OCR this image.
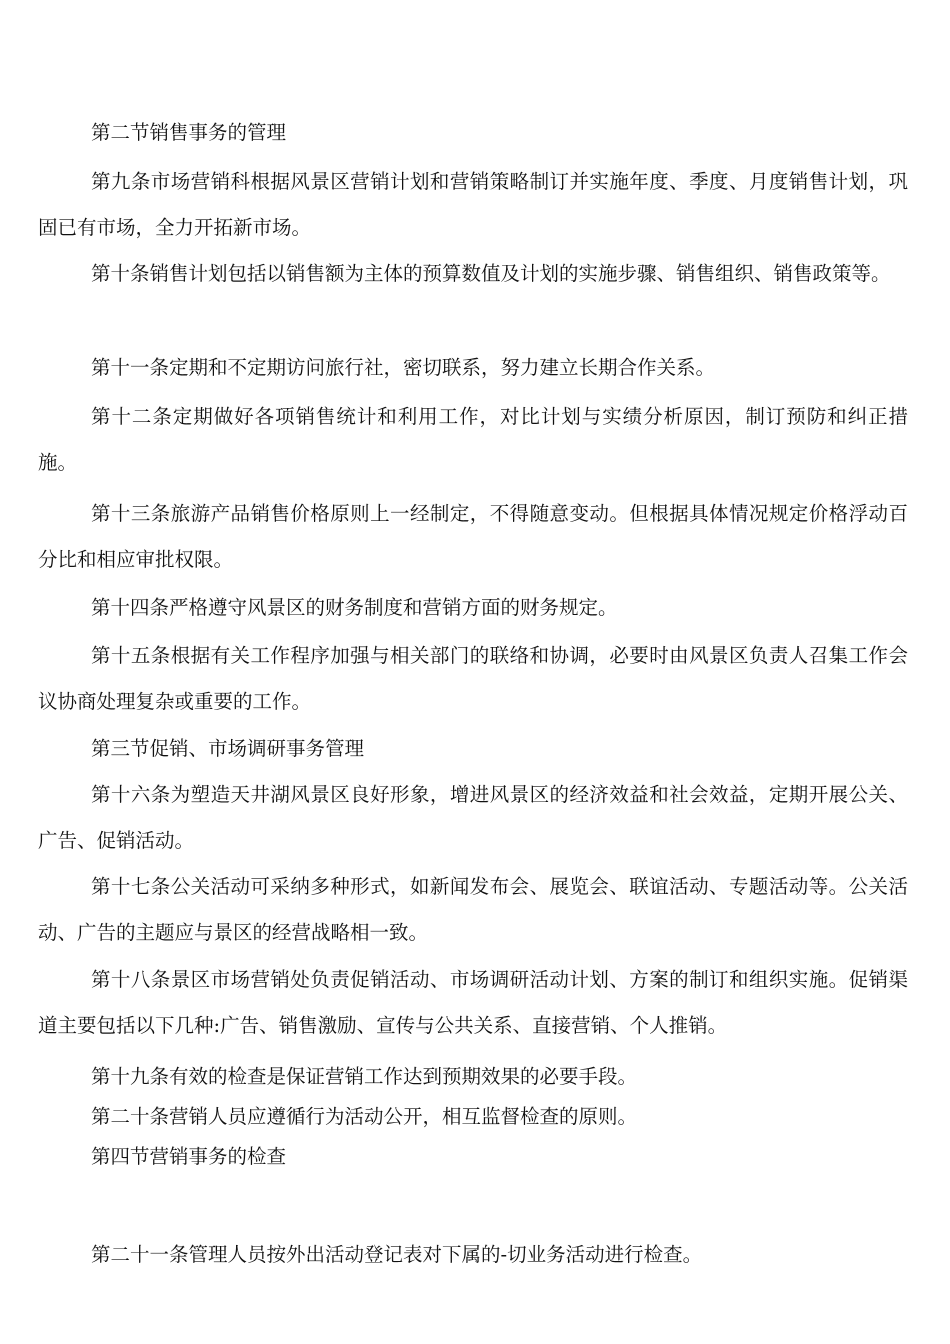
第二节销售事务的管理

第九条市场营销科根据风景区营销计划和营销策略制订并实施年度、季度、月度销售计划，巩固已有市场，全力开拓新市场。

第十条销售计划包括以销售额为主体的预算数值及计划的实施步骤、销售组织、销售政策等。

第十一条定期和不定期访问旅行社，密切联系，努力建立长期合作关系。

第十二条定期做好各项销售统计和利用工作，对比计划与实绩分析原因，制订预防和纠正措施。

第十三条旅游产品销售价格原则上一经制定，不得随意变动。但根据具体情况规定价格浮动百分比和相应审批权限。

第十四条严格遵守风景区的财务制度和营销方面的财务规定。

第十五条根据有关工作程序加强与相关部门的联络和协调，必要时由风景区负责人召集工作会议协商处理复杂或重要的工作。

第三节促销、市场调研事务管理

第十六条为塑造天井湖风景区良好形象，增进风景区的经济效益和社会效益，定期开展公关、广告、促销活动。

第十七条公关活动可采纳多种形式，如新闻发布会、展览会、联谊活动、专题活动等。公关活动、广告的主题应与景区的经营战略相一致。

第十八条景区市场营销处负责促销活动、市场调研活动计划、方案的制订和组织实施。促销渠道主要包括以下几种:广告、销售激励、宣传与公共关系、直接营销、个人推销。

第十九条有效的检查是保证营销工作达到预期效果的必要手段。

第二十条营销人员应遵循行为活动公开，相互监督检查的原则。

第四节营销事务的检查

第二十一条管理人员按外出活动登记表对下属的-切业务活动进行检查。
